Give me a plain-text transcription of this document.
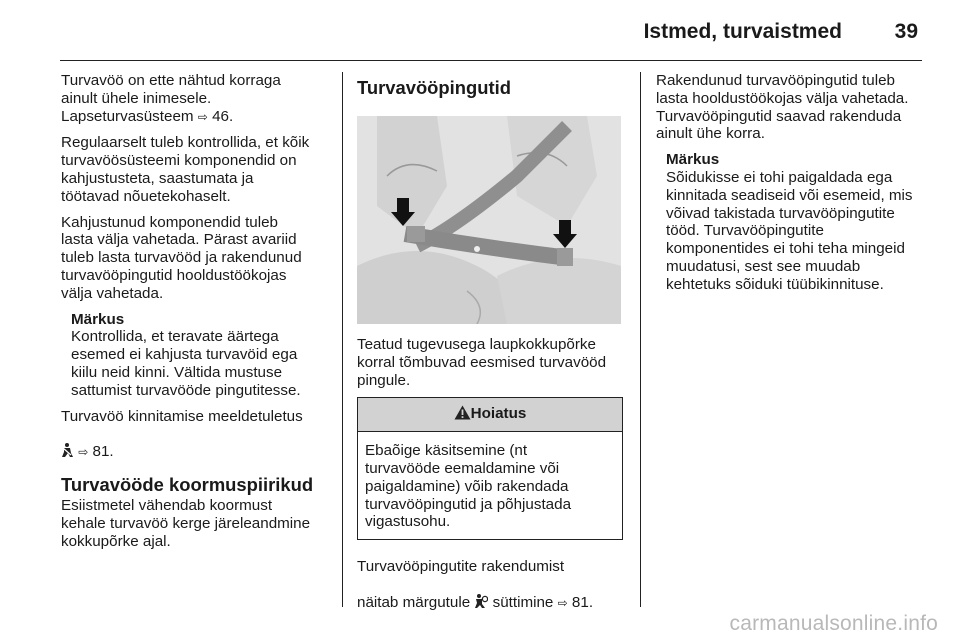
Istmed, turvaistmed	39

Turvavöö on ette nähtud korraga
ainult ühele inimesele.
Lapseturvasüsteem ⇨ 46.

Regulaarselt tuleb kontrollida, et kõik
turvavöösüsteemi komponendid on
kahjustusteta, saastumata ja
töötavad nõuetekohaselt.

Kahjustunud komponendid tuleb
lasta välja vahetada. Pärast avariid
tuleb lasta turvavööd ja rakendunud
turvavööpingutid hooldustöökojas
välja vahetada.

Märkus
Kontrollida, et teravate äärtega
esemed ei kahjusta turvavöid ega
kiilu neid kinni. Vältida mustuse
sattumist turvavööde pingutitesse.

Turvavöö kinnitamise meeldetuletus

⇨ 81.

Turvavööde koormuspiirikud

Esiistmetel vähendab koormust
kehale turvavöö kerge järeleandmine
kokkupõrke ajal.

Turvavööpingutid

Teatud tugevusega laupkokkupõrke
korral tõmbuvad eesmised turvavööd
pingule.

Hoiatus
Ebaõige käsitsemine (nt
turvavööde eemaldamine või
paigaldamine) võib rakendada
turvavööpingutid ja põhjustada
vigastusohu.

Turvavööpingutite rakendumist
näitab märgutule süttimine ⇨ 81.

Rakendunud turvavööpingutid tuleb
lasta hooldustöökojas välja vahetada.
Turvavööpingutid saavad rakenduda
ainult ühe korra.

Märkus
Sõidukisse ei tohi paigaldada ega
kinnitada seadiseid või esemeid, mis
võivad takistada turvavööpingutite
tööd. Turvavööpingutite
komponentides ei tohi teha mingeid
muudatusi, sest see muudab
kehtetuks sõiduki tüübikinnituse.
carmanualsonline.info
